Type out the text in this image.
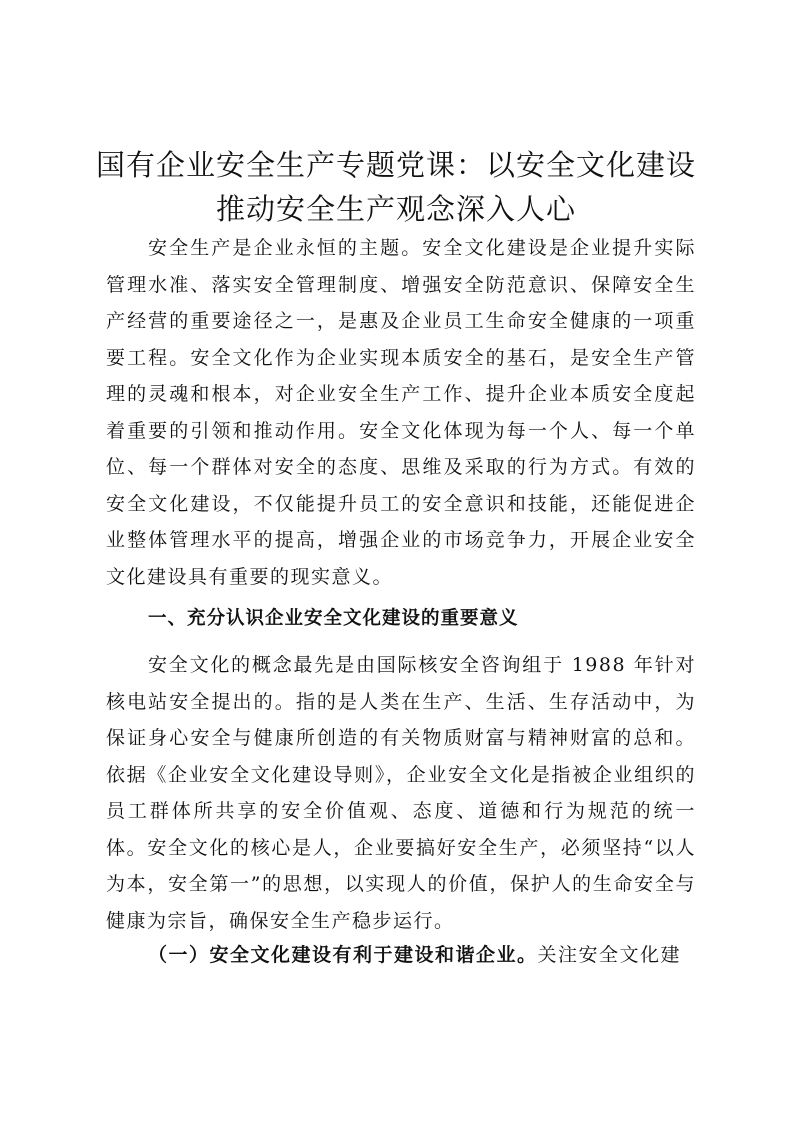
国有企业安全生产专题党课：以安全文化建设
推动安全生产观念深入人心

安全生产是企业永恒的主题。安全文化建设是企业提升实际管理水准、落实安全管理制度、增强安全防范意识、保障安全生产经营的重要途径之一，是惠及企业员工生命安全健康的一项重要工程。安全文化作为企业实现本质安全的基石，是安全生产管理的灵魂和根本，对企业安全生产工作、提升企业本质安全度起着重要的引领和推动作用。安全文化体现为每一个人、每一个单位、每一个群体对安全的态度、思维及采取的行为方式。有效的安全文化建设，不仅能提升员工的安全意识和技能，还能促进企业整体管理水平的提高，增强企业的市场竞争力，开展企业安全文化建设具有重要的现实意义。

一、充分认识企业安全文化建设的重要意义

安全文化的概念最先是由国际核安全咨询组于 1988 年针对核电站安全提出的。指的是人类在生产、生活、生存活动中，为保证身心安全与健康所创造的有关物质财富与精神财富的总和。依据《企业安全文化建设导则》，企业安全文化是指被企业组织的员工群体所共享的安全价值观、态度、道德和行为规范的统一体。安全文化的核心是人，企业要搞好安全生产，必须坚持“以人为本，安全第一”的思想，以实现人的价值，保护人的生命安全与健康为宗旨，确保安全生产稳步运行。

（一）安全文化建设有利于建设和谐企业。关注安全文化建
